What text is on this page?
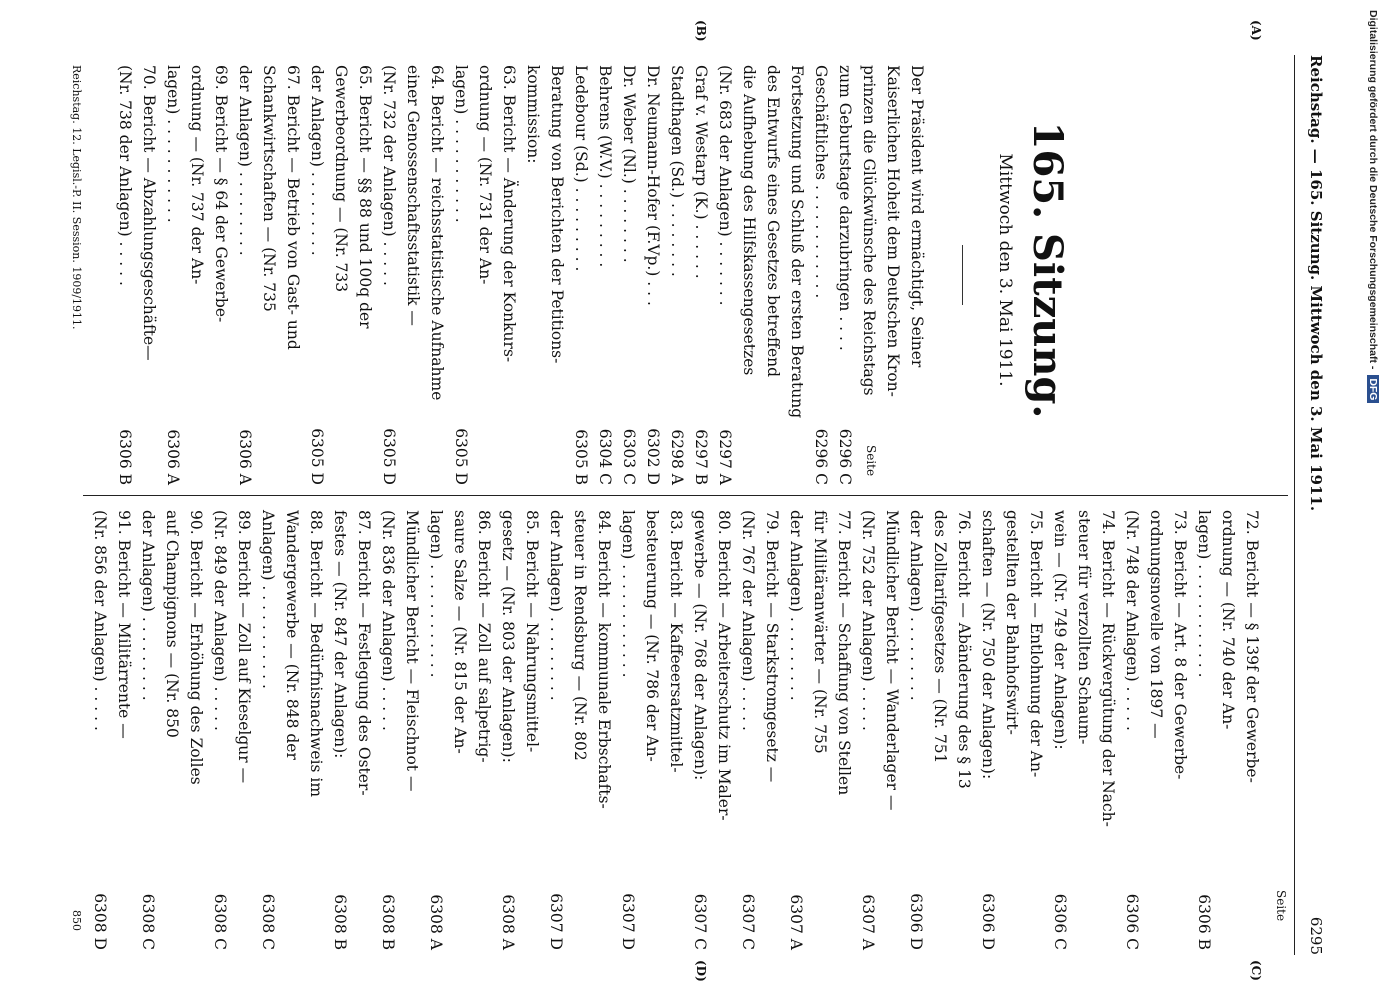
Reichstag. — 165. Sitzung. Mittwoch den 3. Mai 1911.
6295
(A)
(B)
(C)
(D)
165. Sitzung.
Mittwoch den 3. Mai 1911.
Seite
Seite
Der Präsident wird ermächtigt, Seiner
Kaiserlichen Hoheit dem Deutschen Kron-
prinzen die Glückwünsche des Reichstags
zum Geburtstage darzubringen . . . .
6296 C
Geschäftliches . . . . . . . . . . . .
6296 C
Fortsetzung und Schluß der ersten Beratung
des Entwurfs eines Gesetzes betreffend
die Aufhebung des Hilfskassengesetzes
(Nr. 683 der Anlagen) . . . . . . .
6297 A
Graf v. Westarp (K.) . . . . . .
6297 B
Stadthagen (Sd.) . . . . . . . .
6298 A
Dr. Neumann-Hofer (F.Vp.) . . .
6302 D
Dr. Weber (Nl.) . . . . . . . .
6303 C
Behrens (W.V.) . . . . . . . . .
6304 C
Ledebour (Sd.) . . . . . . . . .
6305 B
Beratung von Berichten der Petitions-
kommission:
63. Bericht — Änderung der Konkurs-
ordnung — (Nr. 731 der An-
lagen) . . . . . . . . . . .
6305 D
64. Bericht — reichsstatistische Aufnahme
einer Genossenschaftsstatistik —
(Nr. 732 der Anlagen) . . . . .
6305 D
65. Bericht — §§ 88 und 100q der
Gewerbeordnung — (Nr. 733
der Anlagen) . . . . . . . . .
6305 D
67. Bericht — Betrieb von Gast- und
Schankwirtschaften — (Nr. 735
der Anlagen) . . . . . . . . .
6306 A
69. Bericht — § 64 der Gewerbe-
ordnung — (Nr. 737 der An-
lagen) . . . . . . . . . . .
6306 A
70. Bericht — Abzahlungsgeschäfte—
(Nr. 738 der Anlagen) . . . . .
6306 B
72. Bericht — § 139f der Gewerbe-
ordnung — (Nr. 740 der An-
lagen) . . . . . . . . . . . .
6306 B
73. Bericht — Art. 8 der Gewerbe-
ordnungsnovelle von 1897 —
(Nr. 748 der Anlagen) . . . . .
6306 C
74. Bericht — Rückvergütung der Nach-
steuer für verzollten Schaum-
wein — (Nr. 749 der Anlagen):
6306 C
75. Bericht — Entlohnung der An-
gestellten der Bahnhofswirt-
schaften — (Nr. 750 der Anlagen):
6306 D
76. Bericht — Abänderung des § 13
des Zolltarifgesetzes — (Nr. 751
der Anlagen) . . . . . . . . .
6306 D
Mündlicher Bericht — Wanderlager —
(Nr. 752 der Anlagen) . . . . .
6307 A
77. Bericht — Schaffung von Stellen
für Militäranwärter — (Nr. 755
der Anlagen) . . . . . . . . .
6307 A
79. Bericht — Starkstromgesetz —
(Nr. 767 der Anlagen) . . . . .
6307 C
80. Bericht — Arbeiterschutz im Maler-
gewerbe — (Nr. 768 der Anlagen):
6307 C
83. Bericht — Kaffeeersatzmittel-
besteuerung — (Nr. 786 der An-
lagen) . . . . . . . . . . . .
6307 D
84. Bericht — kommunale Erbschafts-
steuer in Rendsburg — (Nr. 802
der Anlagen) . . . . . . . . .
6307 D
85. Bericht — Nahrungsmittel-
gesetz — (Nr. 803 der Anlagen):
6308 A
86. Bericht — Zoll auf salpetrig-
saure Salze — (Nr. 815 der An-
lagen) . . . . . . . . . . . .
6308 A
Mündlicher Bericht — Fleischnot —
(Nr. 836 der Anlagen) . . . . .
6308 B
87. Bericht — Festlegung des Oster-
festes — (Nr. 847 der Anlagen):
6308 B
88. Bericht — Bedürfnisnachweis im
Wandergewerbe — (Nr. 848 der
Anlagen) . . . . . . . . . . .
6308 C
89. Bericht — Zoll auf Kieselgur —
(Nr. 849 der Anlagen) . . . . .
6308 C
90. Bericht — Erhöhung des Zolles
auf Champignons — (Nr. 850
der Anlagen) . . . . . . . . .
6308 C
91. Bericht — Militärrente —
(Nr. 856 der Anlagen) . . . . .
6308 D
Reichstag. 12. Legisl.-P. II. Session. 1909/1911.
850
Digitalisierung gefördert durch die Deutsche Forschungsgemeinschaft - DFG
